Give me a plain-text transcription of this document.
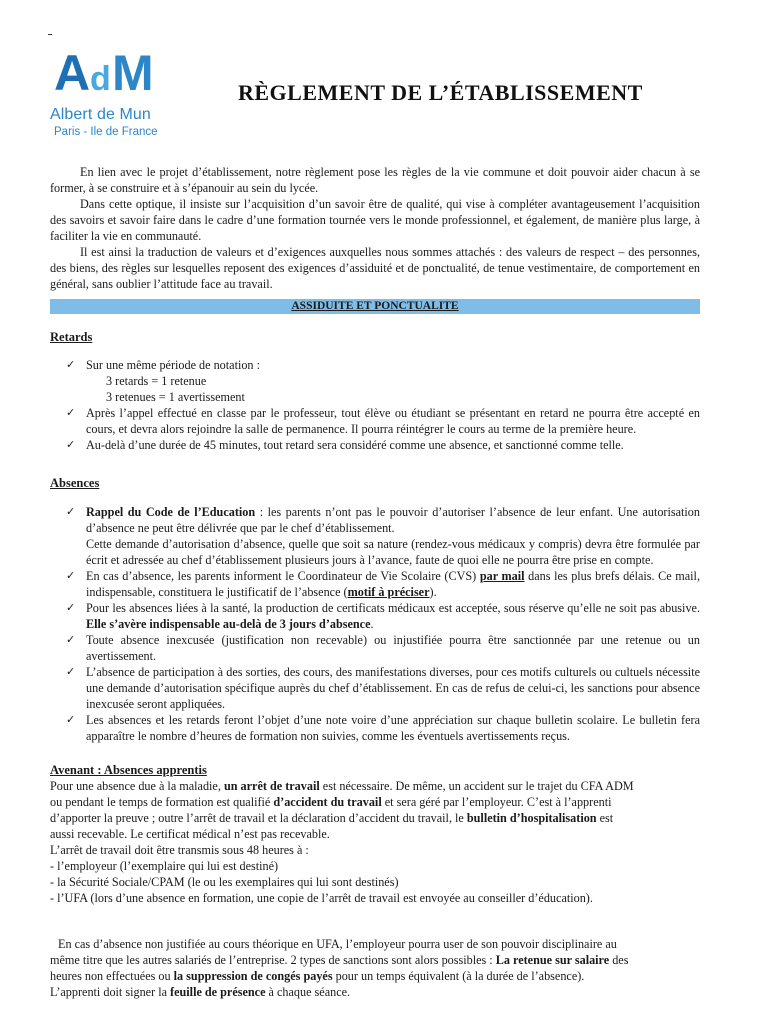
A d M
Albert de Mun
Paris - Ile de France
RÈGLEMENT DE L’ÉTABLISSEMENT

En lien avec le projet d’établissement, notre règlement pose les règles de la vie commune et doit pouvoir aider chacun à se former, à se construire et à s’épanouir au sein du lycée.

Dans cette optique, il insiste sur l’acquisition d’un savoir être de qualité, qui vise à compléter avantageusement l’acquisition des savoirs et savoir faire dans le cadre d’une formation tournée vers le monde professionnel, et également, de manière plus large, à faciliter la vie en communauté.

Il est ainsi la traduction de valeurs et d’exigences auxquelles nous sommes attachés : des valeurs de respect – des personnes, des biens, des règles sur lesquelles reposent des exigences d’assiduité et de ponctualité, de tenue vestimentaire, de comportement en général, sans oublier l’attitude face au travail.

ASSIDUITE ET PONCTUALITE
Retards
✓ Sur une même période de notation :
3 retards = 1 retenue
3 retenues = 1 avertissement
✓ Après l’appel effectué en classe par le professeur, tout élève ou étudiant se présentant en retard ne pourra être accepté en cours, et devra alors rejoindre la salle de permanence. Il pourra réintégrer le cours au terme de la première heure.
✓ Au-delà d’une durée de 45 minutes, tout retard sera considéré comme une absence, et sanctionné comme telle.
Absences
✓ Rappel du Code de l’Education : les parents n’ont pas le pouvoir d’autoriser l’absence de leur enfant. Une autorisation d’absence ne peut être délivrée que par le chef d’établissement.
Cette demande d’autorisation d’absence, quelle que soit sa nature (rendez-vous médicaux y compris) devra être formulée par écrit et adressée au chef d’établissement plusieurs jours à l’avance, faute de quoi elle ne pourra être prise en compte.
✓ En cas d’absence, les parents informent le Coordinateur de Vie Scolaire (CVS) par mail dans les plus brefs délais. Ce mail, indispensable, constituera le justificatif de l’absence (motif à préciser).
✓ Pour les absences liées à la santé, la production de certificats médicaux est acceptée, sous réserve qu’elle ne soit pas abusive. Elle s’avère indispensable au-delà de 3 jours d’absence.
✓ Toute absence inexcusée (justification non recevable) ou injustifiée pourra être sanctionnée par une retenue ou un avertissement.
✓ L’absence de participation à des sorties, des cours, des manifestations diverses, pour ces motifs culturels ou cultuels nécessite une demande d’autorisation spécifique auprès du chef d’établissement. En cas de refus de celui-ci, les sanctions pour absence inexcusée seront appliquées.
✓ Les absences et les retards feront l’objet d’une note voire d’une appréciation sur chaque bulletin scolaire. Le bulletin fera apparaître le nombre d’heures de formation non suivies, comme les éventuels avertissements reçus.
Avenant : Absences apprentis
Pour une absence due à la maladie, un arrêt de travail est nécessaire. De même, un accident sur le trajet du CFA ADM
ou pendant le temps de formation est qualifié d’accident du travail et sera géré par l’employeur. C’est à l’apprenti
d’apporter la preuve ; outre l’arrêt de travail et la déclaration d’accident du travail, le bulletin d’hospitalisation est
aussi recevable. Le certificat médical n’est pas recevable.
L’arrêt de travail doit être transmis sous 48 heures à :
- l’employeur (l’exemplaire qui lui est destiné)
- la Sécurité Sociale/CPAM (le ou les exemplaires qui lui sont destinés)
- l’UFA (lors d’une absence en formation, une copie de l’arrêt de travail est envoyée au conseiller d’éducation).
En cas d’absence non justifiée au cours théorique en UFA, l’employeur pourra user de son pouvoir disciplinaire au
même titre que les autres salariés de l’entreprise. 2 types de sanctions sont alors possibles : La retenue sur salaire des
heures non effectuées ou la suppression de congés payés pour un temps équivalent (à la durée de l’absence).
L’apprenti doit signer la feuille de présence à chaque séance.
